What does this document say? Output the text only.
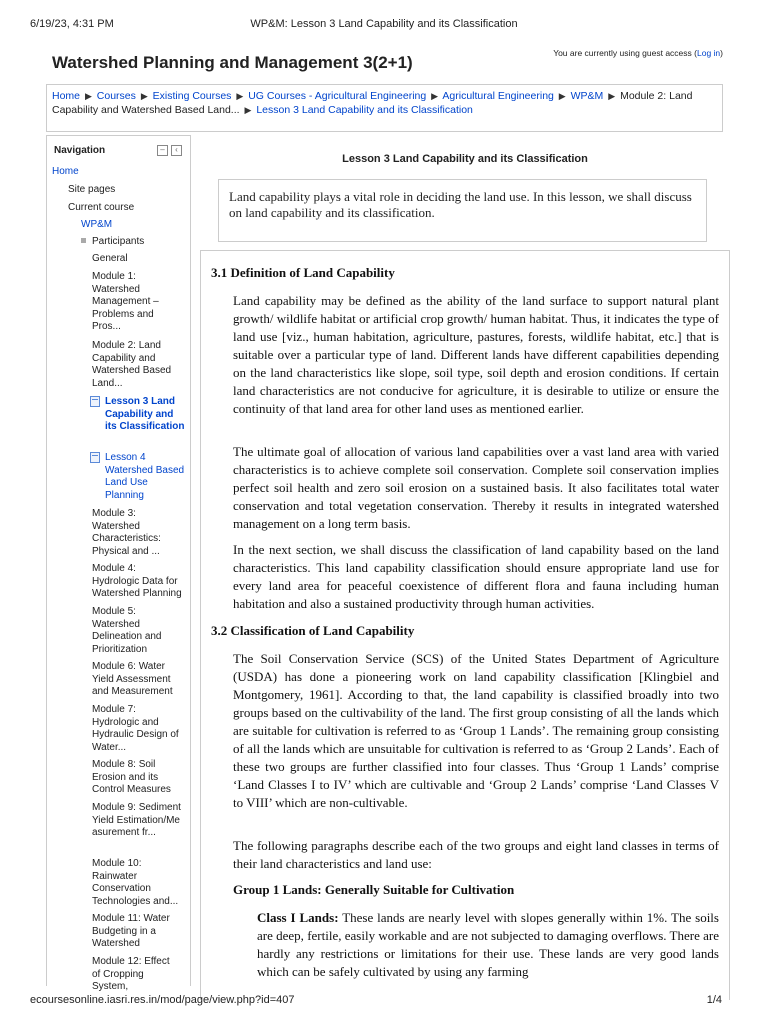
6/19/23, 4:31 PM	WP&M: Lesson 3 Land Capability and its Classification
Watershed Planning and Management 3(2+1)	You are currently using guest access (Log in)
Home ▶ Courses ▶ Existing Courses ▶ UG Courses - Agricultural Engineering ▶ Agricultural Engineering ▶ WP&M ▶ Module 2: Land Capability and Watershed Based Land... ▶ Lesson 3 Land Capability and its Classification
Navigation	–	‹
Home
Site pages
Current course
WP&M
Participants
General
Module 1: Watershed Management – Problems and Pros...
Module 2: Land Capability and Watershed Based Land...
Lesson 3 Land Capability and its Classification
Lesson 4 Watershed Based Land Use Planning
Module 3: Watershed Characteristics: Physical and ...
Module 4: Hydrologic Data for Watershed Planning
Module 5: Watershed Delineation and Prioritization
Module 6: Water Yield Assessment and Measurement
Module 7: Hydrologic and Hydraulic Design of Water...
Module 8: Soil Erosion and its Control Measures
Module 9: Sediment Yield Estimation/Measurement fr...
Module 10: Rainwater Conservation Technologies and...
Module 11: Water Budgeting in a Watershed
Module 12: Effect of Cropping System,
Lesson 3 Land Capability and its Classification
Land capability plays a vital role in deciding the land use. In this lesson, we shall discuss on land capability and its classification.
3.1 Definition of Land Capability

Land capability may be defined as the ability of the land surface to support natural plant growth/ wildlife habitat or artificial crop growth/ human habitat. Thus, it indicates the type of land use [viz., human habitation, agriculture, pastures, forests, wildlife habitat, etc.] that is suitable over a particular type of land. Different lands have different capabilities depending on the land characteristics like slope, soil type, soil depth and erosion conditions. If certain land characteristics are not conducive for agriculture, it is desirable to utilize or ensure the continuity of that land area for other land uses as mentioned earlier.

The ultimate goal of allocation of various land capabilities over a vast land area with varied characteristics is to achieve complete soil conservation. Complete soil conservation implies perfect soil health and zero soil erosion on a sustained basis. It also facilitates total water conservation and total vegetation conservation. Thereby it results in integrated watershed management on a long term basis.

In the next section, we shall discuss the classification of land capability based on the land characteristics. This land capability classification should ensure appropriate land use for every land area for peaceful coexistence of different flora and fauna including human habitation and also a sustained productivity through human activities.

3.2 Classification of Land Capability

The Soil Conservation Service (SCS) of the United States Department of Agriculture (USDA) has done a pioneering work on land capability classification [Klingbiel and Montgomery, 1961]. According to that, the land capability is classified broadly into two groups based on the cultivability of the land. The first group consisting of all the lands which are suitable for cultivation is referred to as ‘Group 1 Lands’. The remaining group consisting of all the lands which are unsuitable for cultivation is referred to as ‘Group 2 Lands’. Each of these two groups are further classified into four classes. Thus ‘Group 1 Lands’ comprise ‘Land Classes I to IV’ which are cultivable and ‘Group 2 Lands’ comprise ‘Land Classes V to VIII’ which are non-cultivable.

The following paragraphs describe each of the two groups and eight land classes in terms of their land characteristics and land use:

Group 1 Lands: Generally Suitable for Cultivation

Class I Lands: These lands are nearly level with slopes generally within 1%. The soils are deep, fertile, easily workable and are not subjected to damaging overflows. There are hardly any restrictions or limitations for their use. These lands are very good lands which can be safely cultivated by using any farming

ecoursesonline.iasri.res.in/mod/page/view.php?id=407	1/4
